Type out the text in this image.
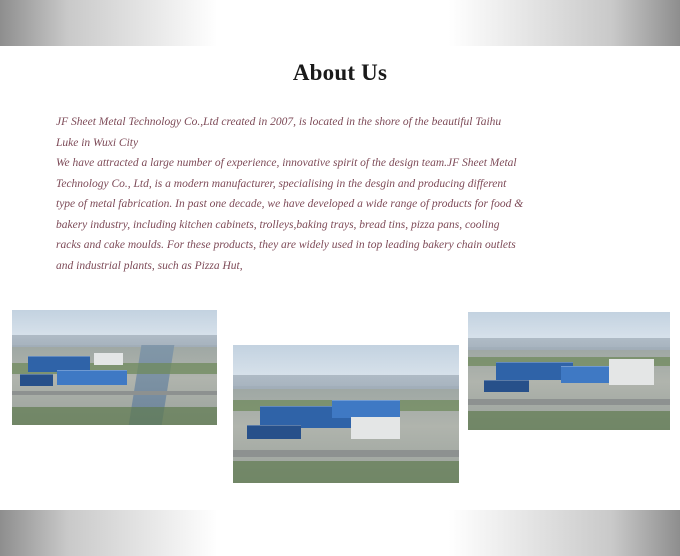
About Us

JF Sheet Metal Technology Co.,Ltd created in 2007, is located in the shore of the beautiful Taihu Luke in Wuxi City

We have attracted a large number of experience, innovative spirit of the design team.JF Sheet Metal Technology Co., Ltd, is a modern manufacturer, specialising in the desgin and producing different type of metal fabrication. In past one decade, we have developed a wide range of products for food & bakery industry, including kitchen cabinets, trolleys,baking trays, bread tins, pizza pans, cooling racks and cake moulds. For these products, they are widely used in top leading bakery chain outlets and industrial plants, such as Pizza Hut,
